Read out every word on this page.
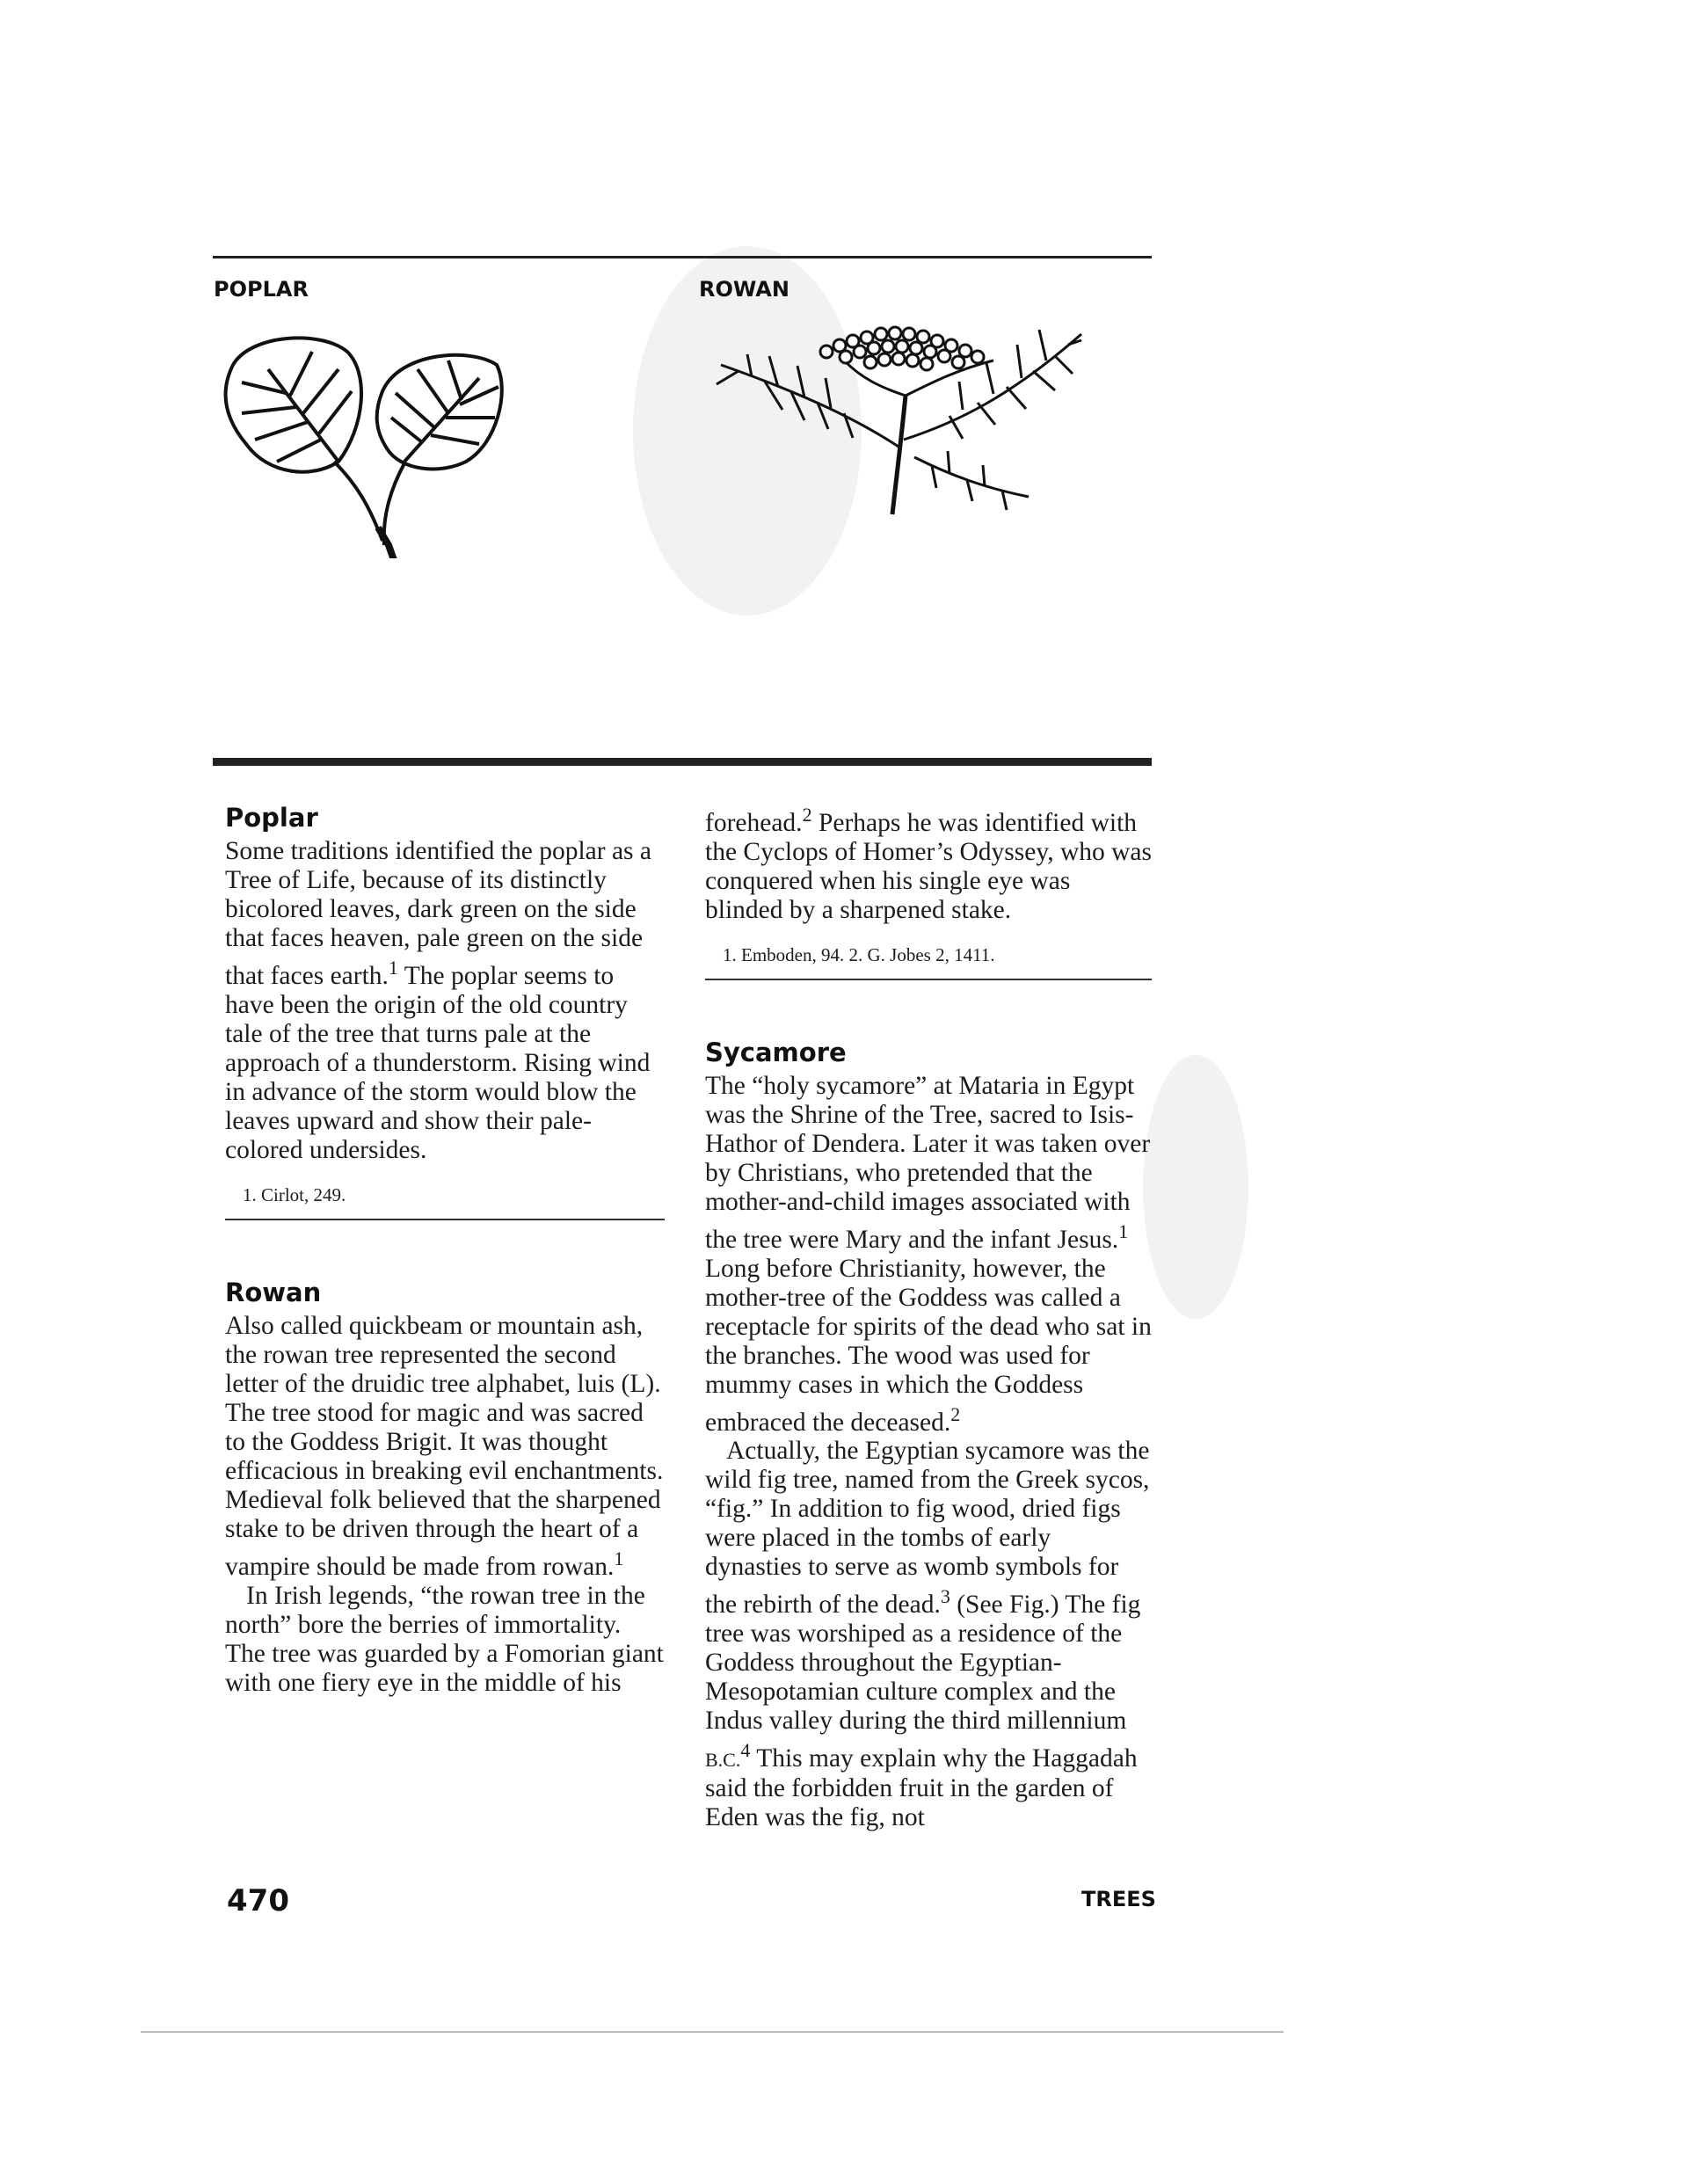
POPLAR	ROWAN
Poplar

Some traditions identified the poplar as a Tree of Life, because of its distinctly bicolored leaves, dark green on the side that faces heaven, pale green on the side that faces earth.$^1$ The poplar seems to have been the origin of the old country tale of the tree that turns pale at the approach of a thunderstorm. Rising wind in advance of the storm would blow the leaves upward and show their pale-colored undersides.

1. Cirlot, 249.
Rowan

Also called quickbeam or mountain ash, the rowan tree represented the second letter of the druidic tree alphabet, luis (L). The tree stood for magic and was sacred to the Goddess Brigit. It was thought efficacious in breaking evil enchantments. Medieval folk believed that the sharpened stake to be driven through the heart of a vampire should be made from rowan.$^1$

In Irish legends, “the rowan tree in the north” bore the berries of immortality. The tree was guarded by a Fomorian giant with one fiery eye in the middle of his

forehead.$^2$ Perhaps he was identified with the Cyclops of Homer’s Odyssey, who was conquered when his single eye was blinded by a sharpened stake.

1. Emboden, 94. 2. G. Jobes 2, 1411.
Sycamore

The “holy sycamore” at Mataria in Egypt was the Shrine of the Tree, sacred to Isis-Hathor of Dendera. Later it was taken over by Christians, who pretended that the mother-and-child images associated with the tree were Mary and the infant Jesus.$^1$ Long before Christianity, however, the mother-tree of the Goddess was called a receptacle for spirits of the dead who sat in the branches. The wood was used for mummy cases in which the Goddess embraced the deceased.$^2$

Actually, the Egyptian sycamore was the wild fig tree, named from the Greek sycos, “fig.” In addition to fig wood, dried figs were placed in the tombs of early dynasties to serve as womb symbols for the rebirth of the dead.$^3$ (See Fig.) The fig tree was worshiped as a residence of the Goddess throughout the Egyptian-Mesopotamian culture complex and the Indus valley during the third millennium B.C.$^4$ This may explain why the Haggadah said the forbidden fruit in the garden of Eden was the fig, not

470	TREES
